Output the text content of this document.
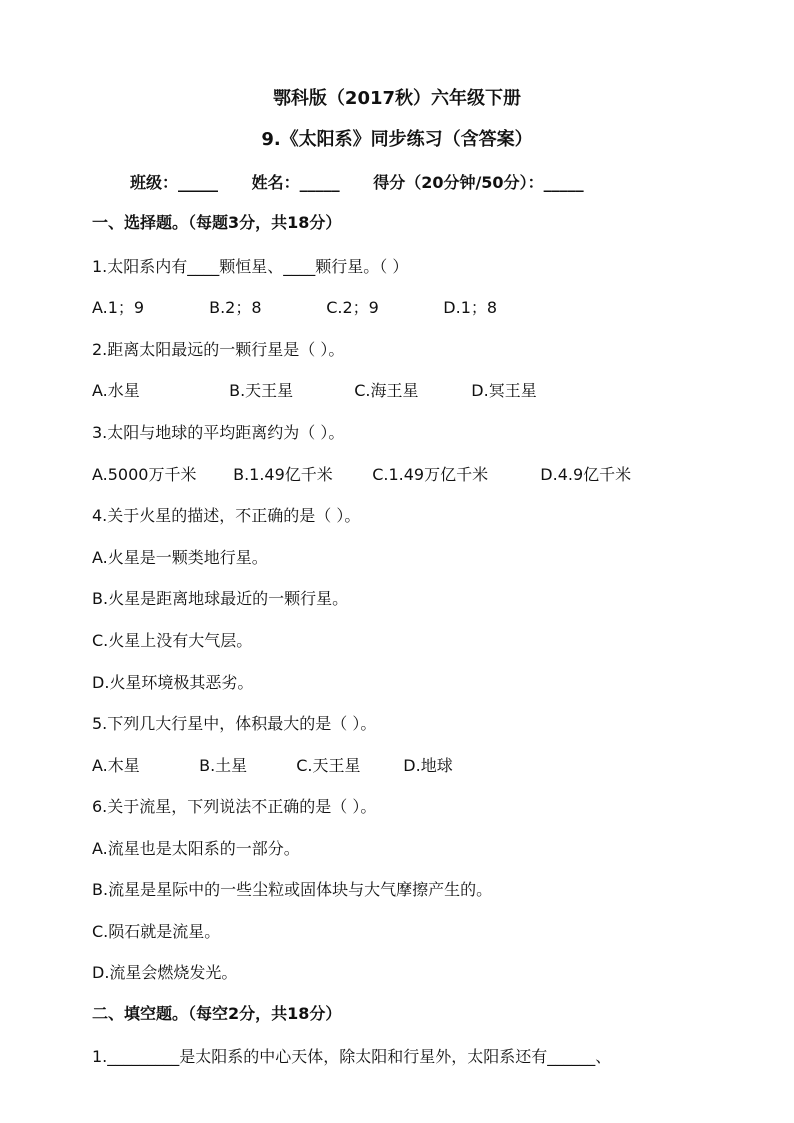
鄂科版（2017秋）六年级下册
9.《太阳系》同步练习（含答案）
班级：_____ 姓名：_____ 得分（20分钟/50分）：_____
一、选择题。（每题3分，共18分）
1.太阳系内有____颗恒星、____颗行星。（ ）
A.1；9	B.2；8	C.2；9	D.1；8
2.距离太阳最远的一颗行星是（ ）。
A.水星	B.天王星	C.海王星	D.冥王星
3.太阳与地球的平均距离约为（ ）。
A.5000万千米 B.1.49亿千米 C.1.49万亿千米	D.4.9亿千米
4.关于火星的描述，不正确的是（ ）。
A.火星是一颗类地行星。
B.火星是距离地球最近的一颗行星。
C.火星上没有大气层。
D.火星环境极其恶劣。
5.下列几大行星中，体积最大的是（ ）。
A.木星	B.土星	C.天王星	D.地球
6.关于流星，下列说法不正确的是（ ）。
A.流星也是太阳系的一部分。
B.流星是星际中的一些尘粒或固体块与大气摩擦产生的。
C.陨石就是流星。
D.流星会燃烧发光。
二、填空题。（每空2分，共18分）
1._________是太阳系的中心天体，除太阳和行星外，太阳系还有______、
